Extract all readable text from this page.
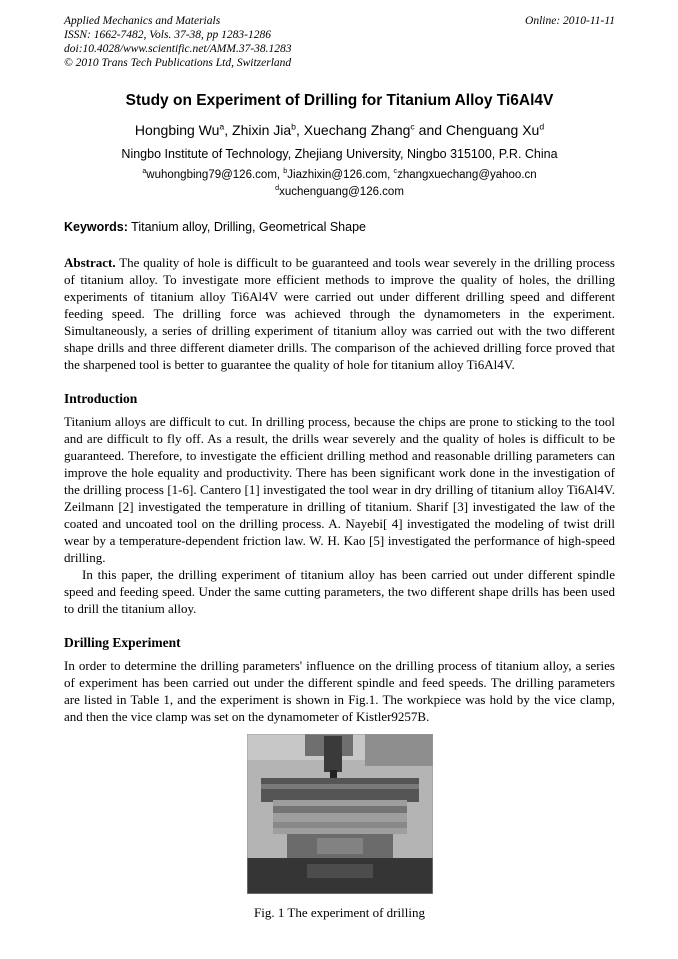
Applied Mechanics and Materials
ISSN: 1662-7482, Vols. 37-38, pp 1283-1286
doi:10.4028/www.scientific.net/AMM.37-38.1283
© 2010 Trans Tech Publications Ltd, Switzerland
Online: 2010-11-11
Study on Experiment of Drilling for Titanium Alloy Ti6Al4V
Hongbing Wu$^a$, Zhixin Jia$^b$, Xuechang Zhang$^c$ and Chenguang Xu$^d$
Ningbo Institute of Technology, Zhejiang University, Ningbo 315100, P.R. China
$^a$wuhongbing79@126.com, $^b$Jiazhixin@126.com, $^c$zhangxuechang@yahoo.cn
$^d$xuchenguang@126.com
Keywords: Titanium alloy, Drilling, Geometrical Shape

Abstract. The quality of hole is difficult to be guaranteed and tools wear severely in the drilling process of titanium alloy. To investigate more efficient methods to improve the quality of holes, the drilling experiments of titanium alloy Ti6Al4V were carried out under different drilling speed and different feeding speed. The drilling force was achieved through the dynamometers in the experiment. Simultaneously, a series of drilling experiment of titanium alloy was carried out with the two different shape drills and three different diameter drills. The comparison of the achieved drilling force proved that the sharpened tool is better to guarantee the quality of hole for titanium alloy Ti6Al4V.

Introduction

Titanium alloys are difficult to cut. In drilling process, because the chips are prone to sticking to the tool and are difficult to fly off. As a result, the drills wear severely and the quality of holes is difficult to be guaranteed. Therefore, to investigate the efficient drilling method and reasonable drilling parameters can improve the hole equality and productivity. There has been significant work done in the investigation of the drilling process [1-6]. Cantero [1] investigated the tool wear in dry drilling of titanium alloy Ti6Al4V. Zeilmann [2] investigated the temperature in drilling of titanium. Sharif [3] investigated the law of the coated and uncoated tool on the drilling process. A. Nayebi[ 4] investigated the modeling of twist drill wear by a temperature-dependent friction law. W. H. Kao [5] investigated the performance of high-speed drilling.

In this paper, the drilling experiment of titanium alloy has been carried out under different spindle speed and feeding speed. Under the same cutting parameters, the two different shape drills has been used to drill the titanium alloy.

Drilling Experiment

In order to determine the drilling parameters' influence on the drilling process of titanium alloy, a series of experiment has been carried out under the different spindle and feed speeds. The drilling parameters are listed in Table 1, and the experiment is shown in Fig.1. The workpiece was hold by the vice clamp, and then the vice clamp was set on the dynamometer of Kistler9257B.

Fig. 1 The experiment of drilling
